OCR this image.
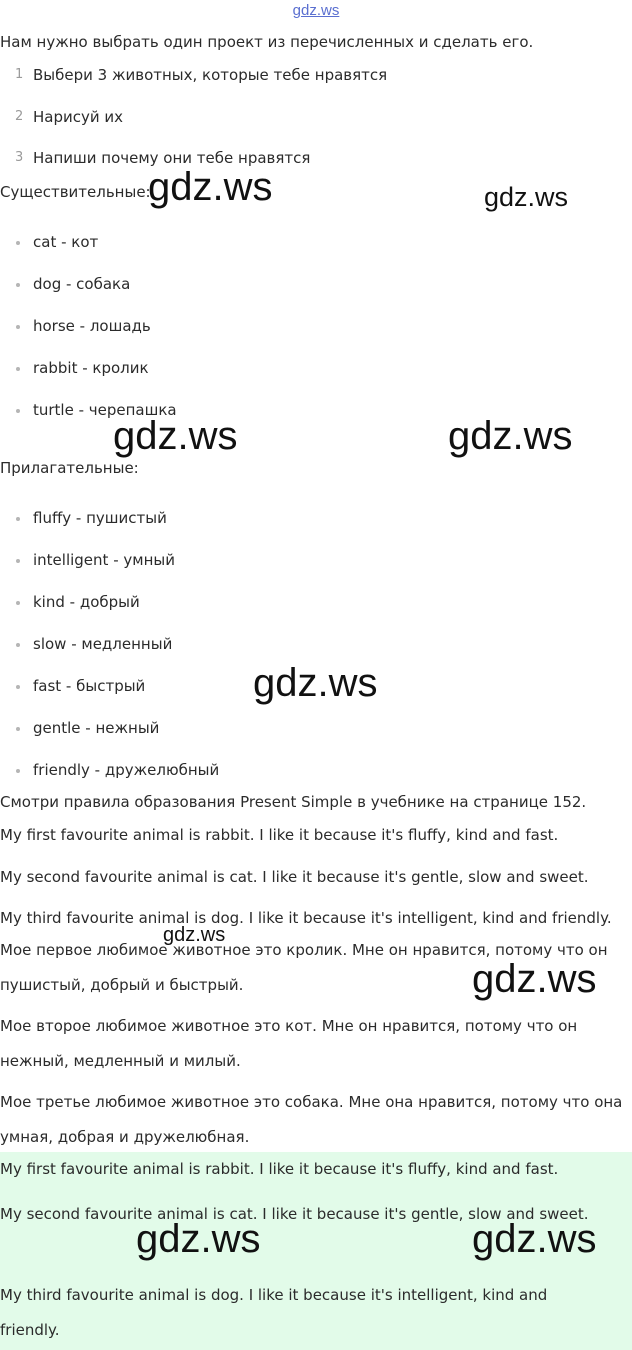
gdz.ws
Нам нужно выбрать один проект из перечисленных и сделать его.
1 Выбери 3 животных, которые тебе нравятся
2 Нарисуй их
3 Напиши почему они тебе нравятся
Существительные:
cat - кот
dog - собака
horse - лошадь
rabbit - кролик
turtle - черепашка
Прилагательные:
fluffy - пушистый
intelligent - умный
kind - добрый
slow - медленный
fast - быстрый
gentle - нежный
friendly - дружелюбный
Смотри правила образования Present Simple в учебнике на странице 152.
My first favourite animal is rabbit. I like it because it's fluffy, kind and fast.
My second favourite animal is cat. I like it because it's gentle, slow and sweet.
My third favourite animal is dog. I like it because it's intelligent, kind and friendly.
Мое первое любимое животное это кролик. Мне он нравится, потому что он пушистый, добрый и быстрый.
Мое второе любимое животное это кот. Мне он нравится, потому что он нежный, медленный и милый.
Мое третье любимое животное это собака. Мне она нравится, потому что она умная, добрая и дружелюбная.
My first favourite animal is rabbit. I like it because it's fluffy, kind and fast.
My second favourite animal is cat. I like it because it's gentle, slow and sweet.
My third favourite animal is dog. I like it because it's intelligent, kind and friendly.
gdz.ws	gdz.ws
gdz.ws	gdz.ws
gdz.ws
gdz.ws
gdz.ws
gdz.ws	gdz.ws
